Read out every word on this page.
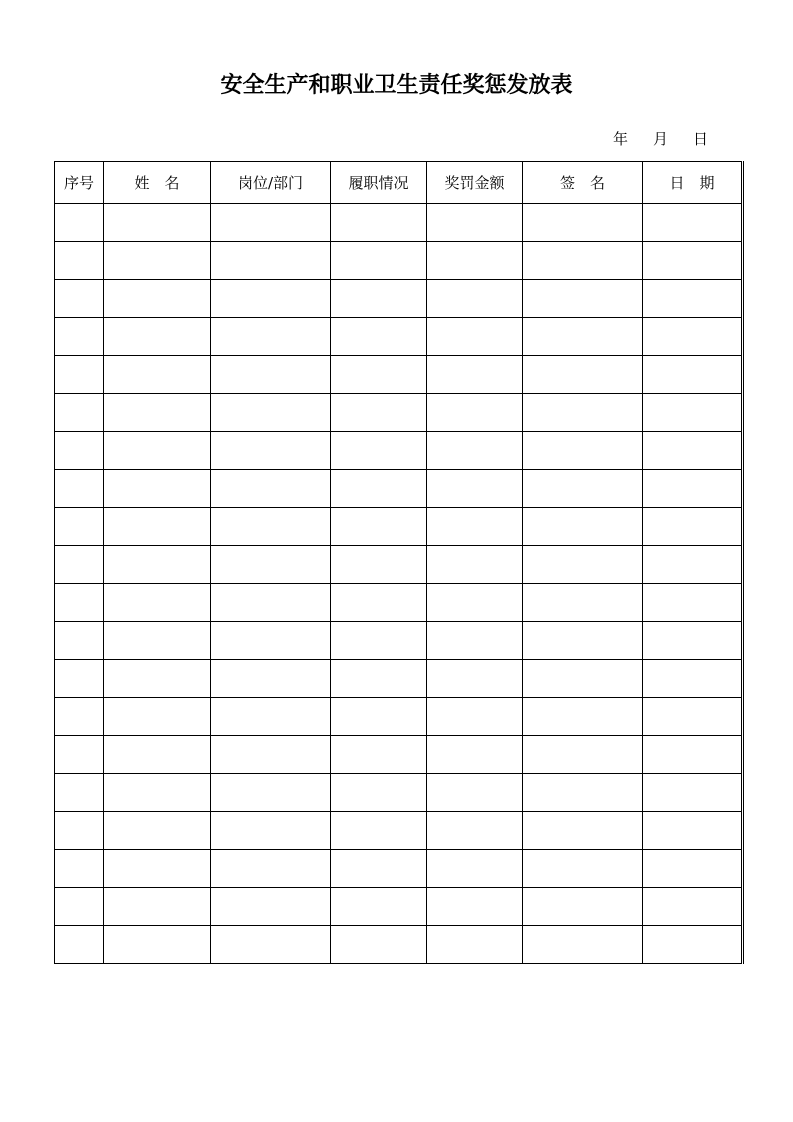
安全生产和职业卫生责任奖惩发放表
年 月 日
序号	姓　名	岗位/部门	履职情况	奖罚金额	签　名	日　期
